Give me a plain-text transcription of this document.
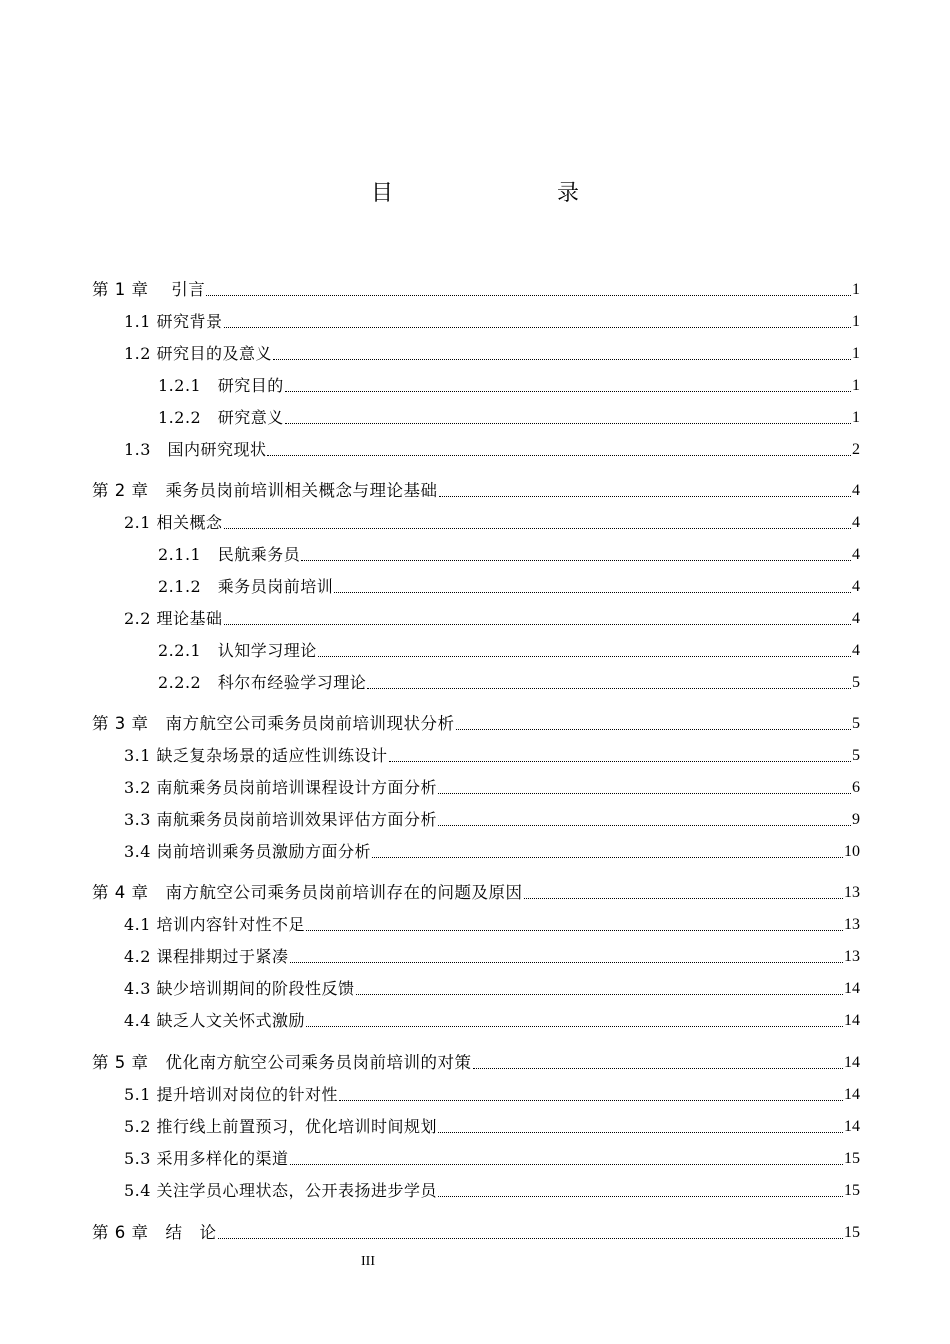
目　　录
第 1 章　 引言	1
1.1 研究背景	1
1.2 研究目的及意义	1
1.2.1　研究目的	1
1.2.2　研究意义	1
1.3　国内研究现状	2
第 2 章　乘务员岗前培训相关概念与理论基础	4
2.1 相关概念	4
2.1.1　民航乘务员	4
2.1.2　乘务员岗前培训	4
2.2 理论基础	4
2.2.1　认知学习理论	4
2.2.2　科尔布经验学习理论	5
第 3 章　南方航空公司乘务员岗前培训现状分析	5
3.1 缺乏复杂场景的适应性训练设计	5
3.2 南航乘务员岗前培训课程设计方面分析	6
3.3 南航乘务员岗前培训效果评估方面分析	9
3.4 岗前培训乘务员激励方面分析	10
第 4 章　南方航空公司乘务员岗前培训存在的问题及原因	13
4.1 培训内容针对性不足	13
4.2 课程排期过于紧凑	13
4.3 缺少培训期间的阶段性反馈	14
4.4 缺乏人文关怀式激励	14
第 5 章　优化南方航空公司乘务员岗前培训的对策	14
5.1 提升培训对岗位的针对性	14
5.2 推行线上前置预习，优化培训时间规划	14
5.3 采用多样化的渠道	15
5.4 关注学员心理状态，公开表扬进步学员	15
第 6 章　结　论	15
III
